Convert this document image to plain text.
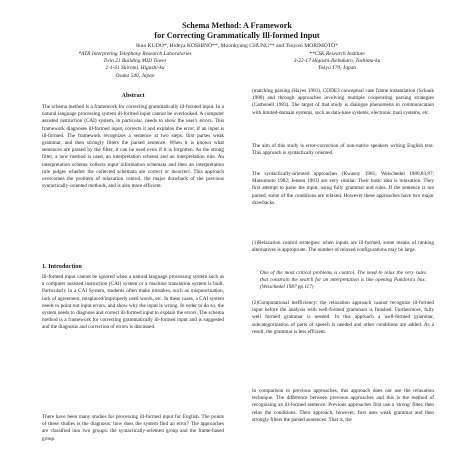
Schema Method: A Framework
for Correcting Grammatically Ill-formed Input
Ikuo KUDO*, Hideya KOSHINO**, Moonkyung CHUNG** and Tsuyosi MORIMOTO*
*ATR Interpreting Telephony Research Laboratories
Twin 21 Building MID Tower
2-1-61 Shiromi, Higashi-ku
Osaka 540, Japan
**CSK Research Institute
3-22-17 Higashi-Ikebukuro, Toshima-ku
Tokyo 170, Japan
Abstract

The schema method is a framework for correcting grammatically ill-formed input. In a natural language processing system ill-formed input cannot be overlooked. A computer assisted instruction (CAI) system, in particular, needs to show the user's errors. This framework diagnoses ill-formed input, corrects it and explains the error, if an input is ill-formed. The framework recognizes a sentence at two steps: first parses weak grammar, and then strongly filters the parsed sentence. When it is known what sentences are passed by the filter, it can be used even if it is forgotten. As the strong filter, a new method is used, an interpretation schema and an interpretation rule. An interpretation schema collects input information schemata and then an interpretation rule judges whether the collected schemata are correct or incorrect. This approach overcomes the problem of relaxation control, the major drawback of the previous syntactically-oriented methods, and is also more efficient.

1. Introduction

Ill-formed input cannot be ignored when a natural language processing system such as a computer assisted instruction (CAI) system or a machine translation system is built. Particularly in a CAI System, students often make mistakes, such as mispunctuation, lack of agreement, misplaced/improperly used words, etc. In these cases, a CAI system needs to point out input errors, and show why the input is wrong. In order to do so, the system needs to diagnose and correct ill-formed input to explain the errors. The schema method is a framework for correcting grammatically ill-formed input and is suggested and the diagnosis and correction of errors is discussed.

There have been many studies for processing ill-formed input for English. The points of these studies is the diagnosis: how does the system find an error? The approaches are classified into two groups: the syntactically-oriented group and the frame-based group.

(matching parsing (Hayes 1981), CODE3 conceptual case frame instantiation (Schank 1980) and through approaches involving multiple cooperating parsing strategies (Carbonell 1983). The target of that study is dialogue phenomena in communication with limited-domain systems, such as data-base systems, electronic mail systems, etc.

The aim of this study is error-correction of non-native speakers writing English text. This approach is syntactically oriented.

The syntactically-oriented approaches (Kwasny 1981; Weischedel 1980,83,87; Matsumoto 1982; Jensen 1983) are very similar. Their basic idea is relaxation. They first attempt to parse the input, using fully grammar and rules. If the sentence is not parsed, some of the conditions are relaxed. However these approaches have two major drawbacks.

(1)Relaxation control strategies: when inputs are ill-formed, some means of ranking alternatives is appropriate. The number of relaxed configurations may be large.

One of the most critical problems is control. The need to relax the very rules that constrain the search for an interpretation is like opening Pandora's box. (Weischedel 1987 pp.117)

(2)Computational inefficiency: the relaxation approach cannot recognize ill-formed input before the analysis with well-formed grammars is finished. Furthermore, fully well formed grammar is needed. In this approach a well-formed grammar, subcategorization of parts of speech is needed and other conditions are added. As a result, the grammar is less efficient.

In comparison to previous approaches, this approach does not use the relaxation technique. The difference between previous approaches and this is the method of recognizing an ill-formed sentence. Previous approaches first use a 'strong' filter, then relax the conditions. Their approach, however, first uses weak grammar and then strongly filters the parsed sentences. That is, the
